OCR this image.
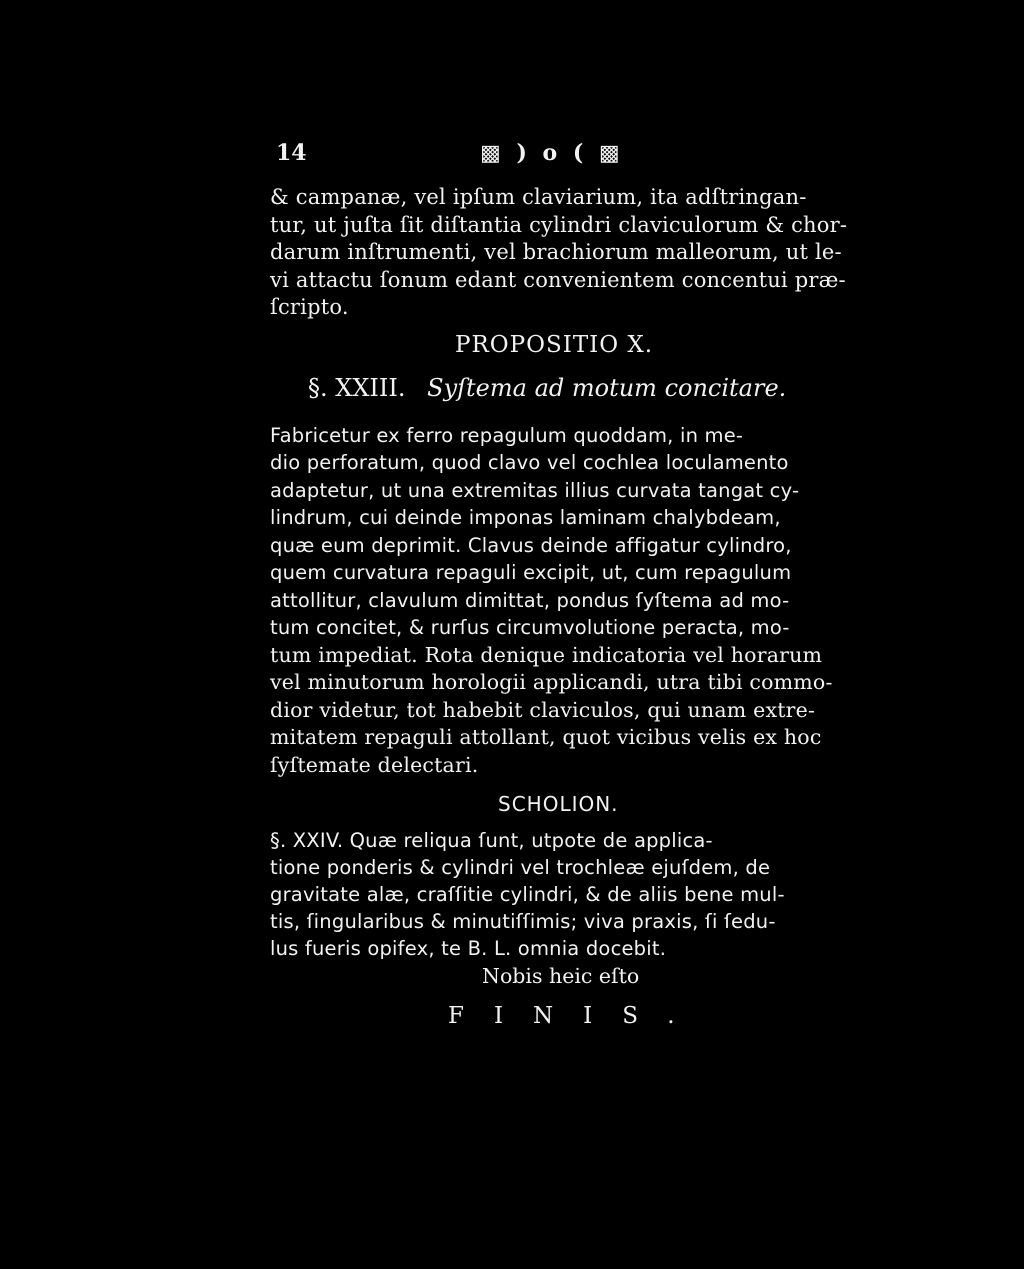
14	▩ ) o ( ▩
& campanæ, vel ipſum claviarium, ita adſtringan-
tur, ut juſta ſit diſtantia cylindri claviculorum & chor-
darum inſtrumenti, vel brachiorum malleorum, ut le-
vi attactu ſonum edant convenientem concentui præ-
ſcripto.
PROPOSITIO X.
§. XXIII. Syſtema ad motum concitare.
Fabricetur ex ferro repagulum quoddam, in me-
dio perforatum, quod clavo vel cochlea loculamento
adaptetur, ut una extremitas illius curvata tangat cy-
lindrum, cui deinde imponas laminam chalybdeam,
quæ eum deprimit. Clavus deinde affigatur cylindro,
quem curvatura repaguli excipit, ut, cum repagulum
attollitur, clavulum dimittat, pondus ſyſtema ad mo-
tum concitet, & rurſus circumvolutione peracta, mo-
tum impediat. Rota denique indicatoria vel horarum
vel minutorum horologii applicandi, utra tibi commo-
dior videtur, tot habebit claviculos, qui unam extre-
mitatem repaguli attollant, quot vicibus velis ex hoc
ſyſtemate delectari.
SCHOLION.
§. XXIV. Quæ reliqua ſunt, utpote de applica-
tione ponderis & cylindri vel trochleæ ejuſdem, de
gravitate alæ, craſſitie cylindri, & de aliis bene mul-
tis, ſingularibus & minutiſſimis; viva praxis, ſi ſedu-
lus fueris opifex, te B. L. omnia docebit.
Nobis heic eſto
FINIS.
